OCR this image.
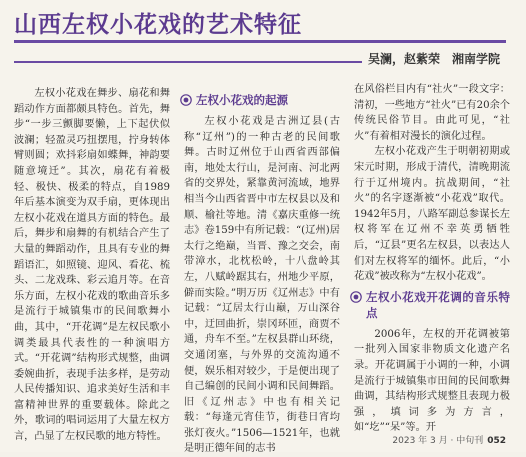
山西左权小花戏的艺术特征
吴澜，赵紫荣　湘南学院

左权小花戏在舞步、扇花和舞蹈动作方面都颇具特色。首先，舞步“一步三颤脚要懒，上下起伏似波澜；轻盈灵巧扭摆甩，拧身转体臂则圆；欢抖彩扇如蝶舞，神韵要随意境迁”。其次，扇花有着极轻、极快、极柔的特点，自1989年后基本演变为双手扇，更体现出左权小花戏在道具方面的特色。最后，舞步和扇舞的有机结合产生了大量的舞蹈动作，且具有专业的舞蹈语汇，如照镜、迎风、看花、梳头、二龙戏珠、彩云追月等。在音乐方面，左权小花戏的歌曲音乐多是流行于城镇集市的民间歌舞小曲，其中，“开花调”是左权民歌小调类最具代表性的一种演唱方式。“开花调”结构形式规整，曲调委婉曲折，表现手法多样，是劳动人民传播知识、追求美好生活和丰富精神世界的重要载体。除此之外，歌词的唱词运用了大量左权方言，凸显了左权民歌的地方特性。

左权小花戏的起源

左权小花戏是古洲辽县(古称“辽州”)的一种古老的民间歌舞。古时辽州位于山西省西部偏南，地处太行山，是河南、河北两省的交界处，紧靠黄河流域，地界相当今山西省晋中市左权县以及和顺、榆社等地。清《嘉庆重修一统志》卷159中有所记载：“(辽州)居太行之绝巅，当晋、豫之交会，南带漳水，北枕松岭，十八盘岭其左，八赋岭踞其右，州地少平原，僻而实险。”明万历《辽州志》中有记载：“辽居太行山巅，万山深谷中，迂回曲折，崇冈环匝，商贾不通，舟车不至。”左权县群山环绕，交通闭塞，与外界的交流沟通不便，娱乐相对较少，于是便出现了自己编创的民间小调和民间舞蹈。旧《辽州志》中也有相关记载：“每逢元宵佳节，街巷日宵均张灯夜火。”1506—1521年，也就是明正德年间的志书

在风俗栏目内有“社火”一段文字：清初，一些地方“社火”已有20余个传统民俗节目。由此可见，“社火”有着相对漫长的演化过程。

左权小花戏产生于明朝初期或宋元时期，形成于清代，清晚期流行于辽州境内。抗战期间，“社火”的名字逐渐被“小花戏”取代。1942年5月，八路军副总参谋长左权将军在辽州不幸英勇牺牲后，“辽县”更名左权县，以表达人们对左权将军的缅怀。此后，“小花戏”被改称为“左权小花戏”。

左权小花戏开花调的音乐特点

2006年，左权的开花调被第一批列入国家非物质文化遗产名录。开花调属于小调的一种，小调是流行于城镇集市田间的民间歌舞曲调，其结构形式规整且表现力极强，填词多为方言，如“圪”“呆”等。开

2023 年 3 月 · 中旬刊 052
